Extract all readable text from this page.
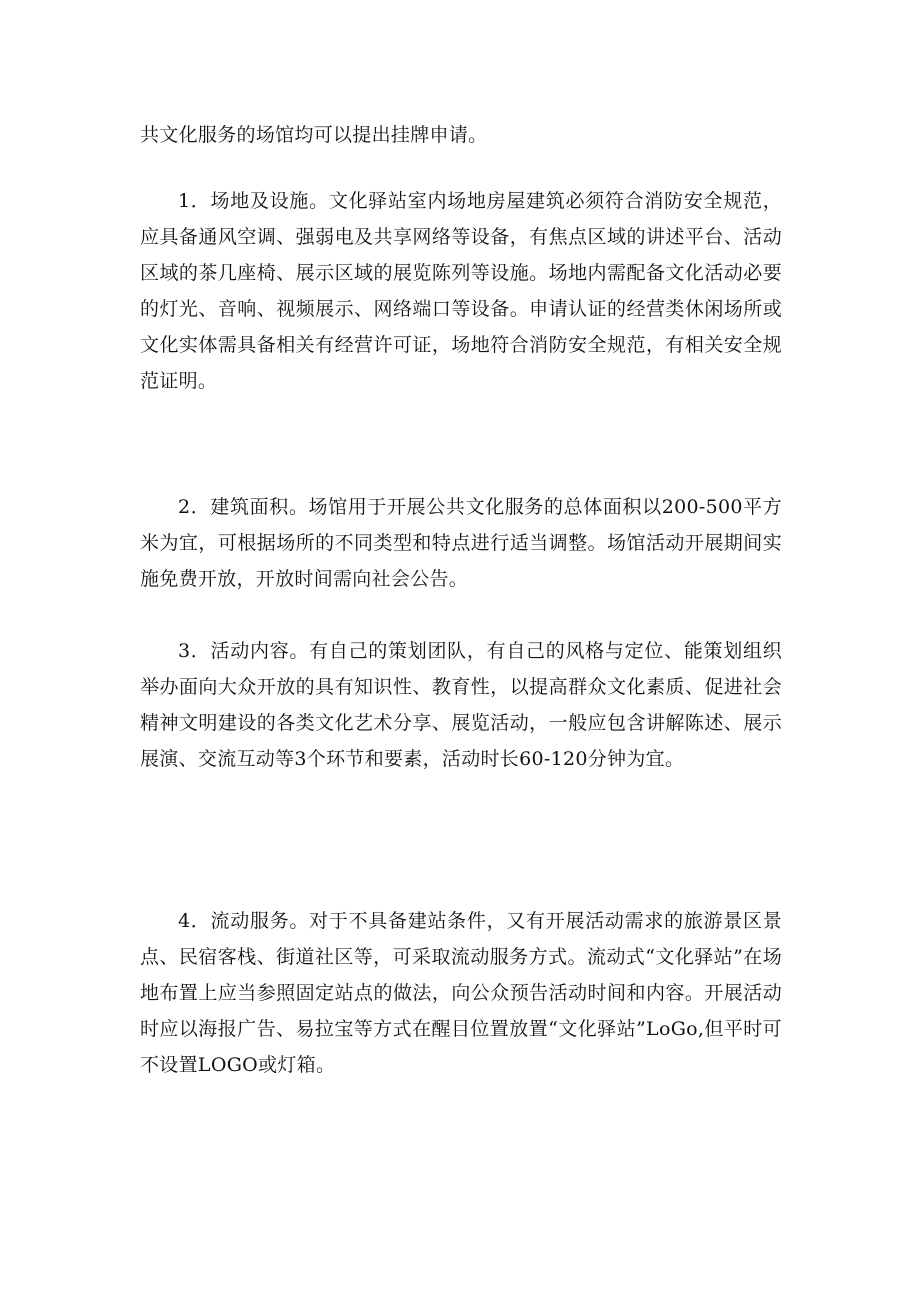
共文化服务的场馆均可以提出挂牌申请。

1．场地及设施。文化驿站室内场地房屋建筑必须符合消防安全规范，应具备通风空调、强弱电及共享网络等设备，有焦点区域的讲述平台、活动区域的茶几座椅、展示区域的展览陈列等设施。场地内需配备文化活动必要的灯光、音响、视频展示、网络端口等设备。申请认证的经营类休闲场所或文化实体需具备相关有经营许可证，场地符合消防安全规范，有相关安全规范证明。

2．建筑面积。场馆用于开展公共文化服务的总体面积以200-500平方米为宜，可根据场所的不同类型和特点进行适当调整。场馆活动开展期间实施免费开放，开放时间需向社会公告。

3．活动内容。有自己的策划团队，有自己的风格与定位、能策划组织举办面向大众开放的具有知识性、教育性，以提高群众文化素质、促进社会精神文明建设的各类文化艺术分享、展览活动，一般应包含讲解陈述、展示展演、交流互动等3个环节和要素，活动时长60-120分钟为宜。

4．流动服务。对于不具备建站条件，又有开展活动需求的旅游景区景点、民宿客栈、街道社区等，可采取流动服务方式。流动式“文化驿站”在场地布置上应当参照固定站点的做法，向公众预告活动时间和内容。开展活动时应以海报广告、易拉宝等方式在醒目位置放置“文化驿站”LoGo,但平时可不设置LOGO或灯箱。
